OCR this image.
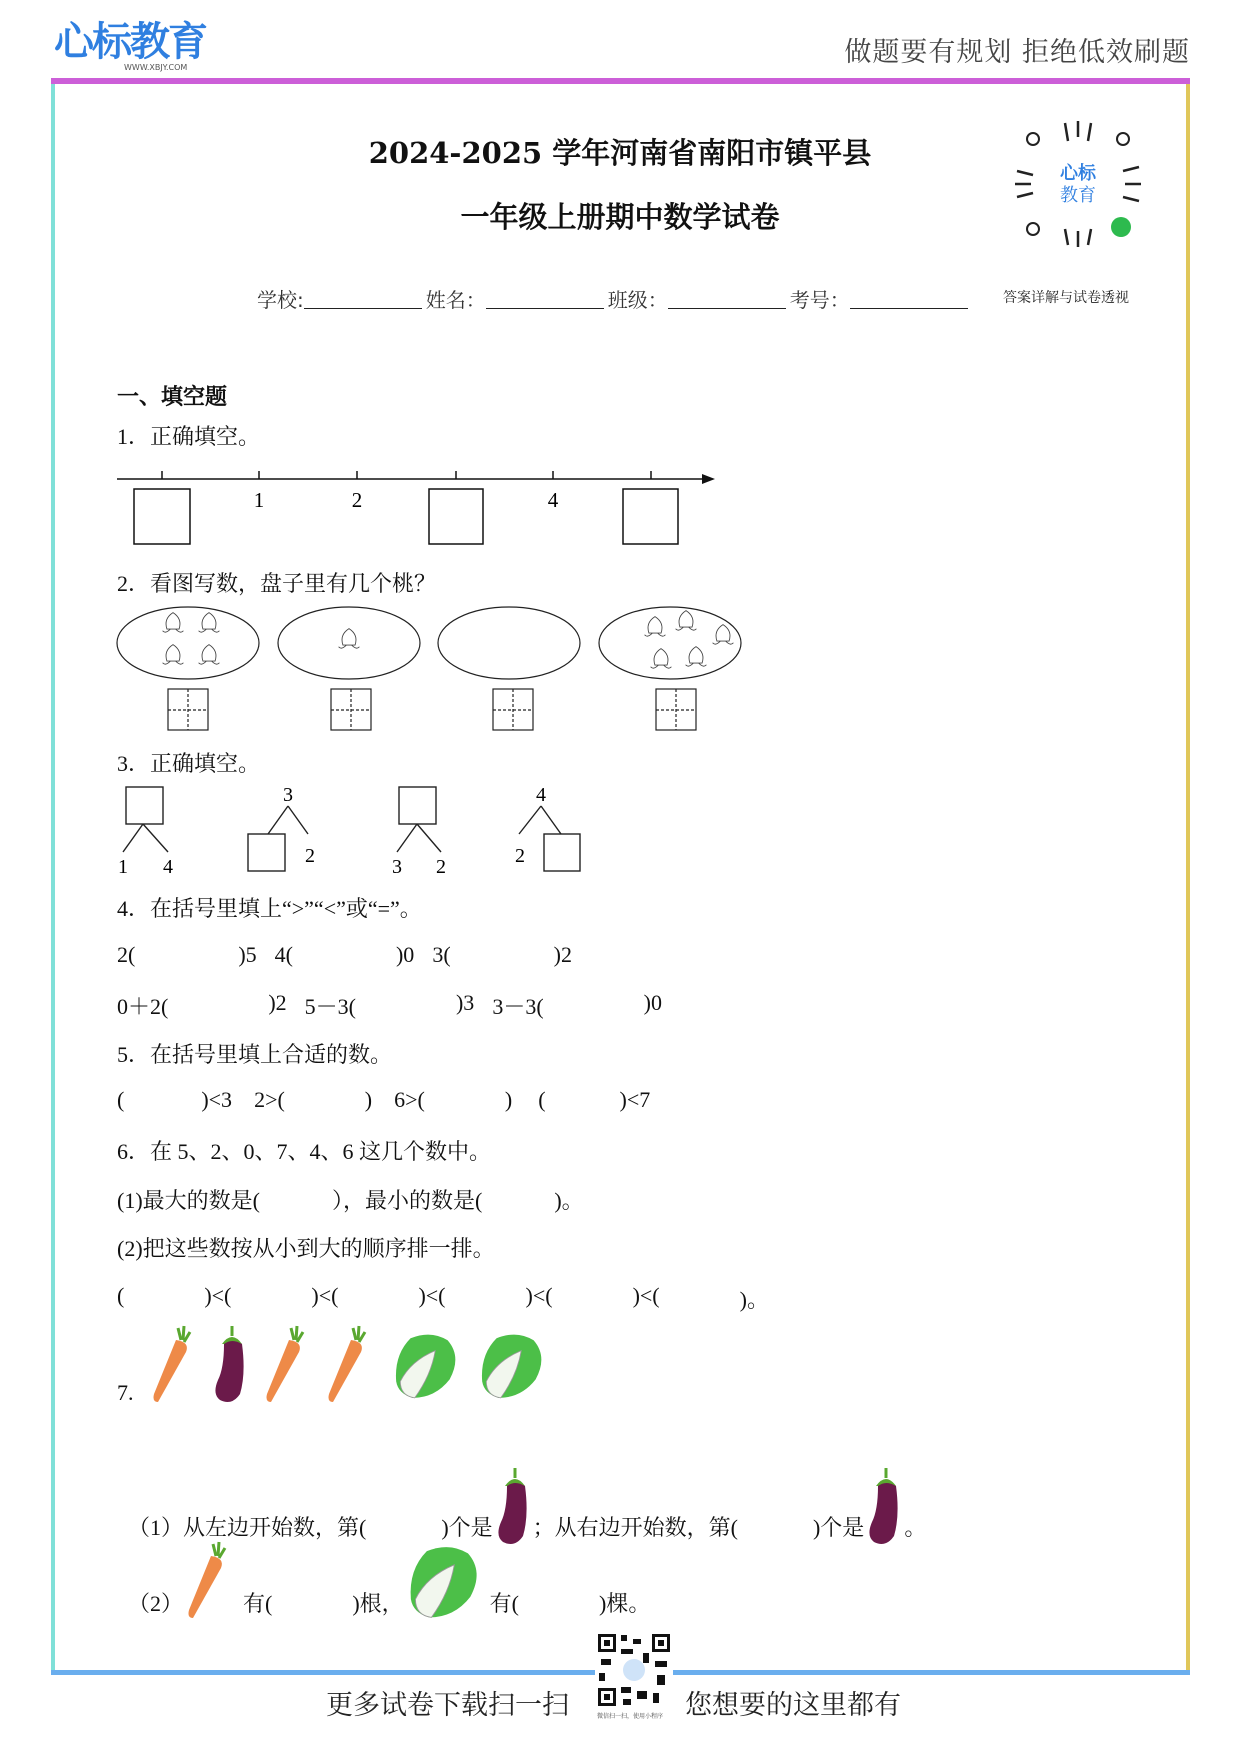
心标教育
WWW.XBJY.COM	做题要有规划 拒绝低效刷题
2024-2025 学年河南省南阳市镇平县
一年级上册期中数学试卷
心标
教育
学校:	姓名：	班级：	考号：	答案详解与试卷透视
一、填空题
1．正确填空。
1	2	4
2．看图写数，盘子里有几个桃？
3．正确填空。
1 4
3
2	3 2
4
2
4．在括号里填上“>”“<”或“=”。
2(	)5 4(	)0 3(	)2
0＋2(	)2 5－3(	)3 3－3(	)0
5．在括号里填上合适的数。
(	)<3 2>(	) 6>(	) (	)<7
6．在 5、2、0、7、4、6 这几个数中。
(1)最大的数是(	），最小的数是(	)。
(2)把这些数按从小到大的顺序排一排。
(	)<(	)<(	)<(	)<(	)<(	)。
7.
（1）从左边开始数，第(	)个是 ；从右边开始数，第(	)个是 。
（2）	有(	)根，	有(	)棵。
更多试卷下载扫一扫	微信扫一扫，使用小程序 您想要的这里都有
